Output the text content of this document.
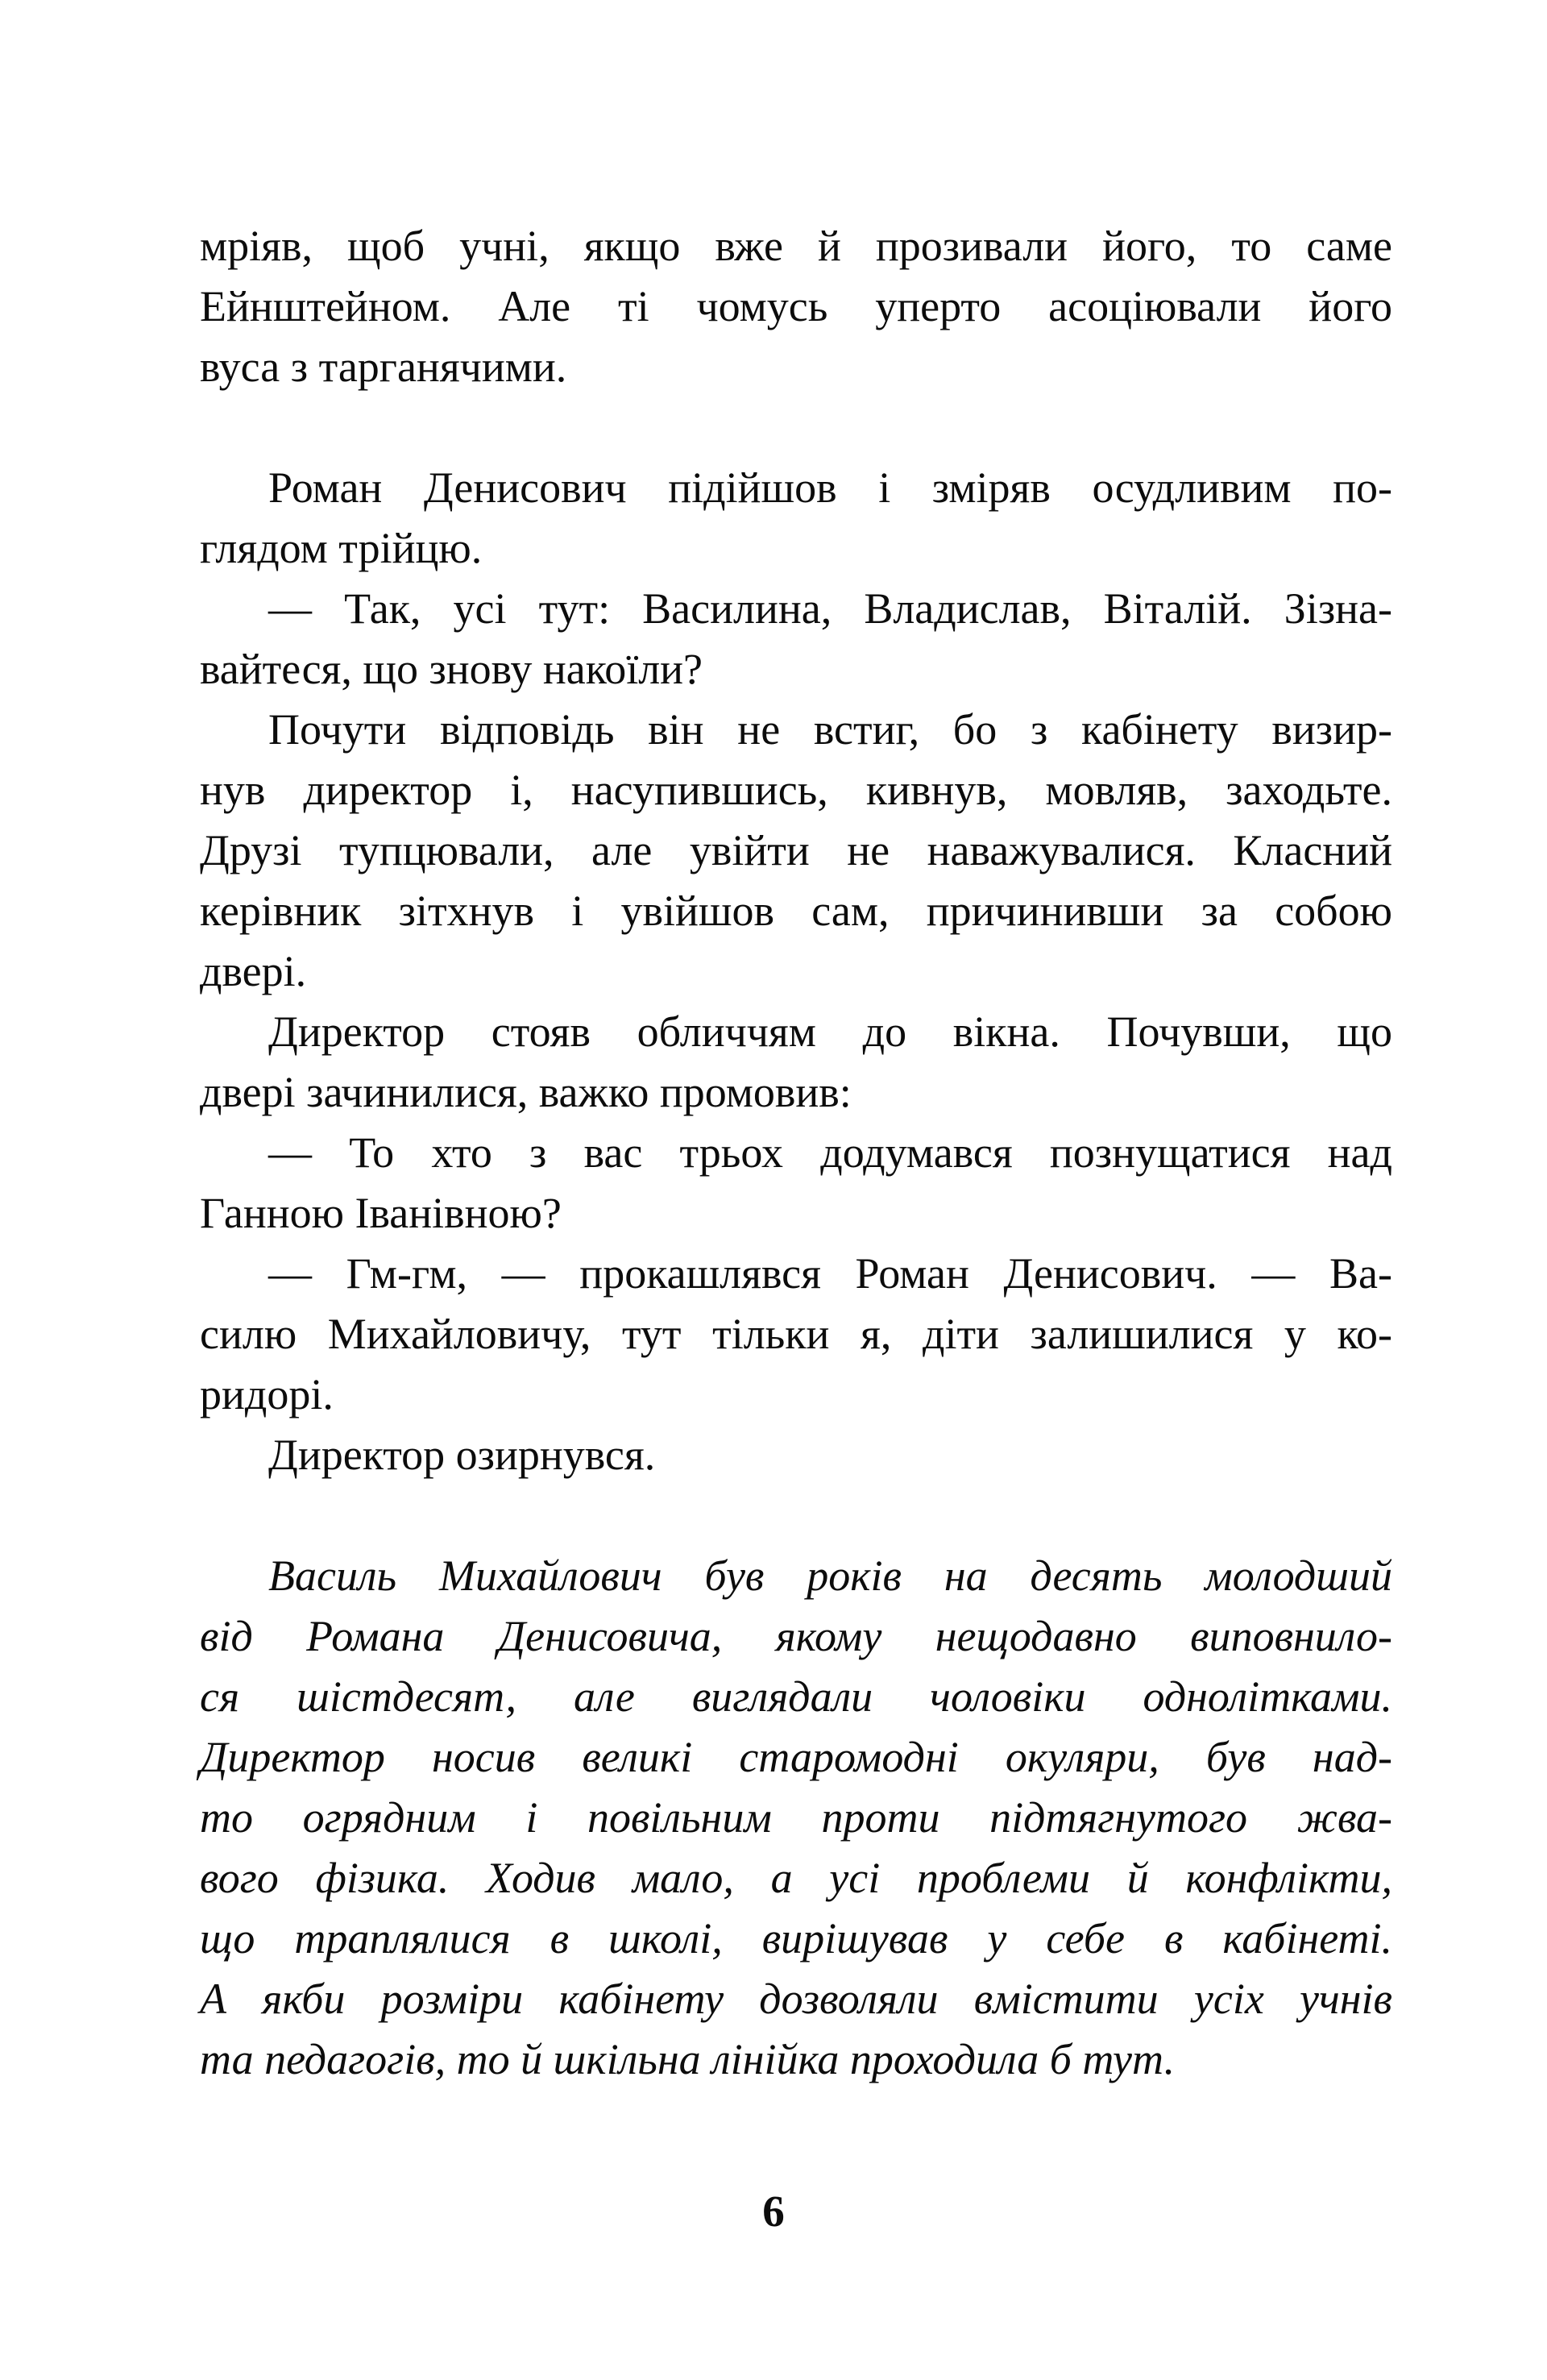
мріяв, щоб учні, якщо вже й прозивали його, то саме
Ейнштейном. Але ті чомусь уперто асоціювали його
вуса з тарганячими.
Роман Денисович підійшов і зміряв осудливим по-
глядом трійцю.
— Так, усі тут: Василина, Владислав, Віталій. Зізна-
вайтеся, що знову накоїли?
Почути відповідь він не встиг, бо з кабінету визир-
нув директор і, насупившись, кивнув, мовляв, заходьте.
Друзі тупцювали, але увійти не наважувалися. Класний
керівник зітхнув і увійшов сам, причинивши за собою
двері.
Директор стояв обличчям до вікна. Почувши, що
двері зачинилися, важко промовив:
— То хто з вас трьох додумався познущатися над
Ганною Іванівною?
— Гм-гм, — прокашлявся Роман Денисович. — Ва-
силю Михайловичу, тут тільки я, діти залишилися у ко-
ридорі.
Директор озирнувся.
Василь Михайлович був років на десять молодший
від Романа Денисовича, якому нещодавно виповнило-
ся шістдесят, але виглядали чоловіки однолітками.
Директор носив великі старомодні окуляри, був над-
то огрядним і повільним проти підтягнутого жва-
вого фізика. Ходив мало, а усі проблеми й конфлікти,
що траплялися в школі, вирішував у себе в кабінеті.
А якби розміри кабінету дозволяли вмістити усіх учнів
та педагогів, то й шкільна лінійка проходила б тут.
6
